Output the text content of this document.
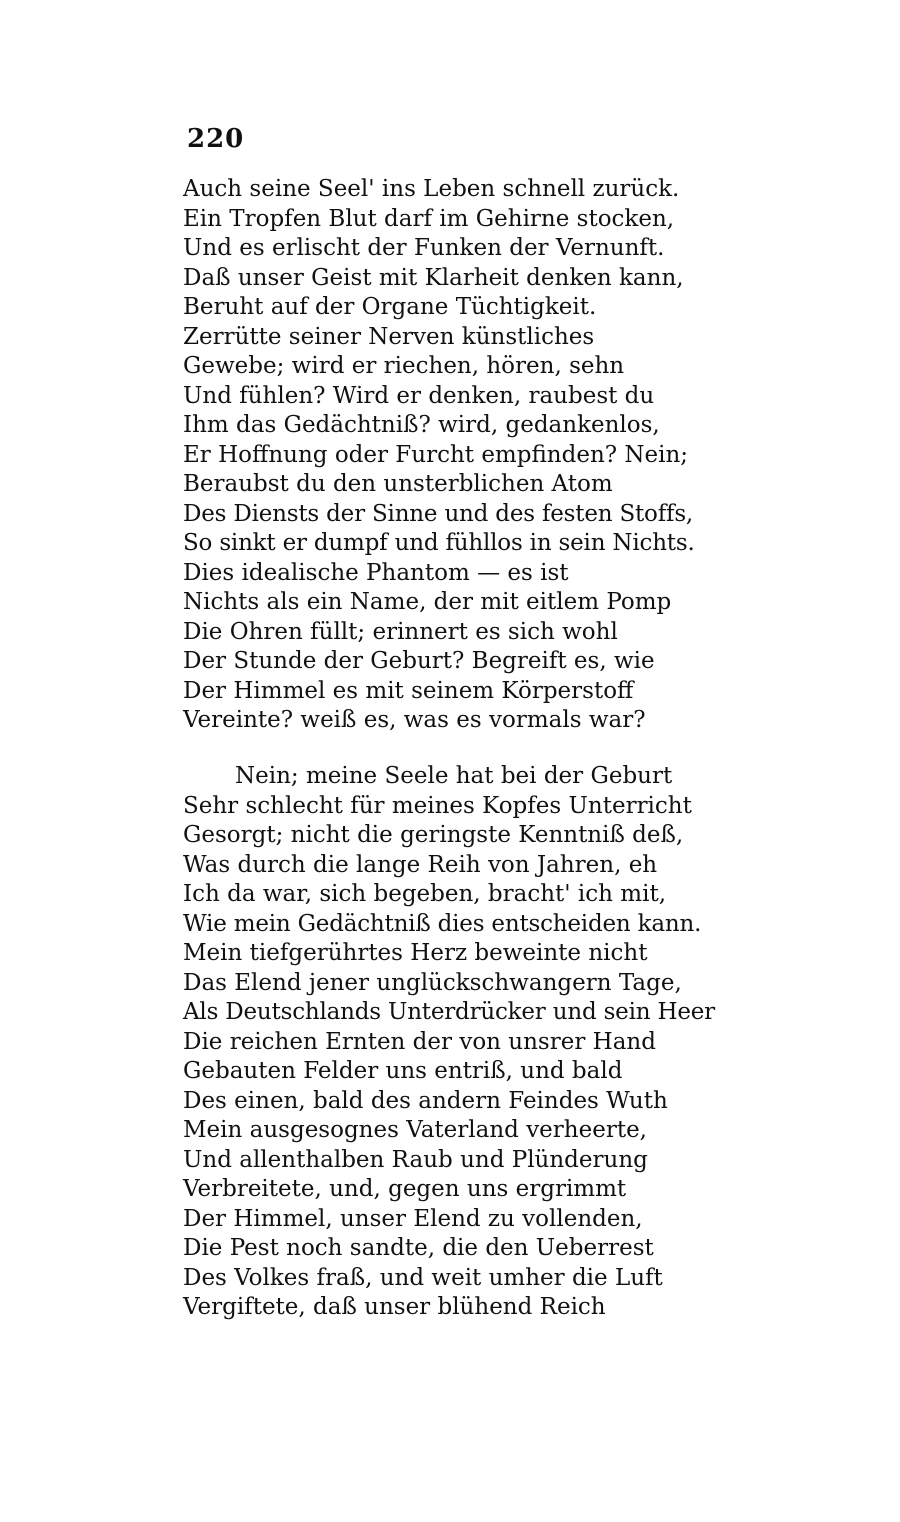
220
Auch seine Seel' ins Leben schnell zurück.
Ein Tropfen Blut darf im Gehirne stocken,
Und es erlischt der Funken der Vernunft.
Daß unser Geist mit Klarheit denken kann,
Beruht auf der Organe Tüchtigkeit.
Zerrütte seiner Nerven künstliches
Gewebe; wird er riechen, hören, sehn
Und fühlen? Wird er denken, raubest du
Ihm das Gedächtniß? wird, gedankenlos,
Er Hoffnung oder Furcht empfinden? Nein;
Beraubst du den unsterblichen Atom
Des Diensts der Sinne und des festen Stoffs,
So sinkt er dumpf und fühllos in sein Nichts.
Dies idealische Phantom — es ist
Nichts als ein Name, der mit eitlem Pomp
Die Ohren füllt; erinnert es sich wohl
Der Stunde der Geburt? Begreift es, wie
Der Himmel es mit seinem Körperstoff
Vereinte? weiß es, was es vormals war?
Nein; meine Seele hat bei der Geburt
Sehr schlecht für meines Kopfes Unterricht
Gesorgt; nicht die geringste Kenntniß deß,
Was durch die lange Reih von Jahren, eh
Ich da war, sich begeben, bracht' ich mit,
Wie mein Gedächtniß dies entscheiden kann.
Mein tiefgerührtes Herz beweinte nicht
Das Elend jener unglückschwangern Tage,
Als Deutschlands Unterdrücker und sein Heer
Die reichen Ernten der von unsrer Hand
Gebauten Felder uns entriß, und bald
Des einen, bald des andern Feindes Wuth
Mein ausgesognes Vaterland verheerte,
Und allenthalben Raub und Plünderung
Verbreitete, und, gegen uns ergrimmt
Der Himmel, unser Elend zu vollenden,
Die Pest noch sandte, die den Ueberrest
Des Volkes fraß, und weit umher die Luft
Vergiftete, daß unser blühend Reich
